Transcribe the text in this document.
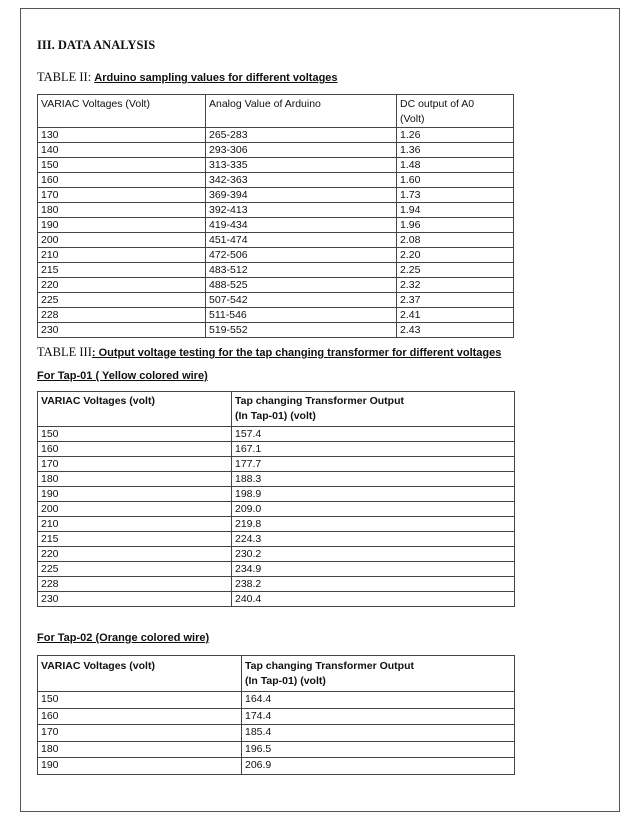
III. DATA ANALYSIS
TABLE II: Arduino sampling values for different voltages
VARIAC Voltages (Volt)	Analog Value of Arduino	DC output of A0
(Volt)
130	265-283	1.26
140	293-306	1.36
150	313-335	1.48
160	342-363	1.60
170	369-394	1.73
180	392-413	1.94
190	419-434	1.96
200	451-474	2.08
210	472-506	2.20
215	483-512	2.25
220	488-525	2.32
225	507-542	2.37
228	511-546	2.41
230	519-552	2.43
TABLE III: Output voltage testing for the tap changing transformer for different voltages
For Tap-01 ( Yellow colored wire)
VARIAC Voltages (volt)	Tap changing Transformer Output
(In Tap-01) (volt)
150	157.4
160	167.1
170	177.7
180	188.3
190	198.9
200	209.0
210	219.8
215	224.3
220	230.2
225	234.9
228	238.2
230	240.4
For Tap-02 (Orange colored wire)
VARIAC Voltages (volt)	Tap changing Transformer Output
(In Tap-01) (volt)
150	164.4
160	174.4
170	185.4
180	196.5
190	206.9
